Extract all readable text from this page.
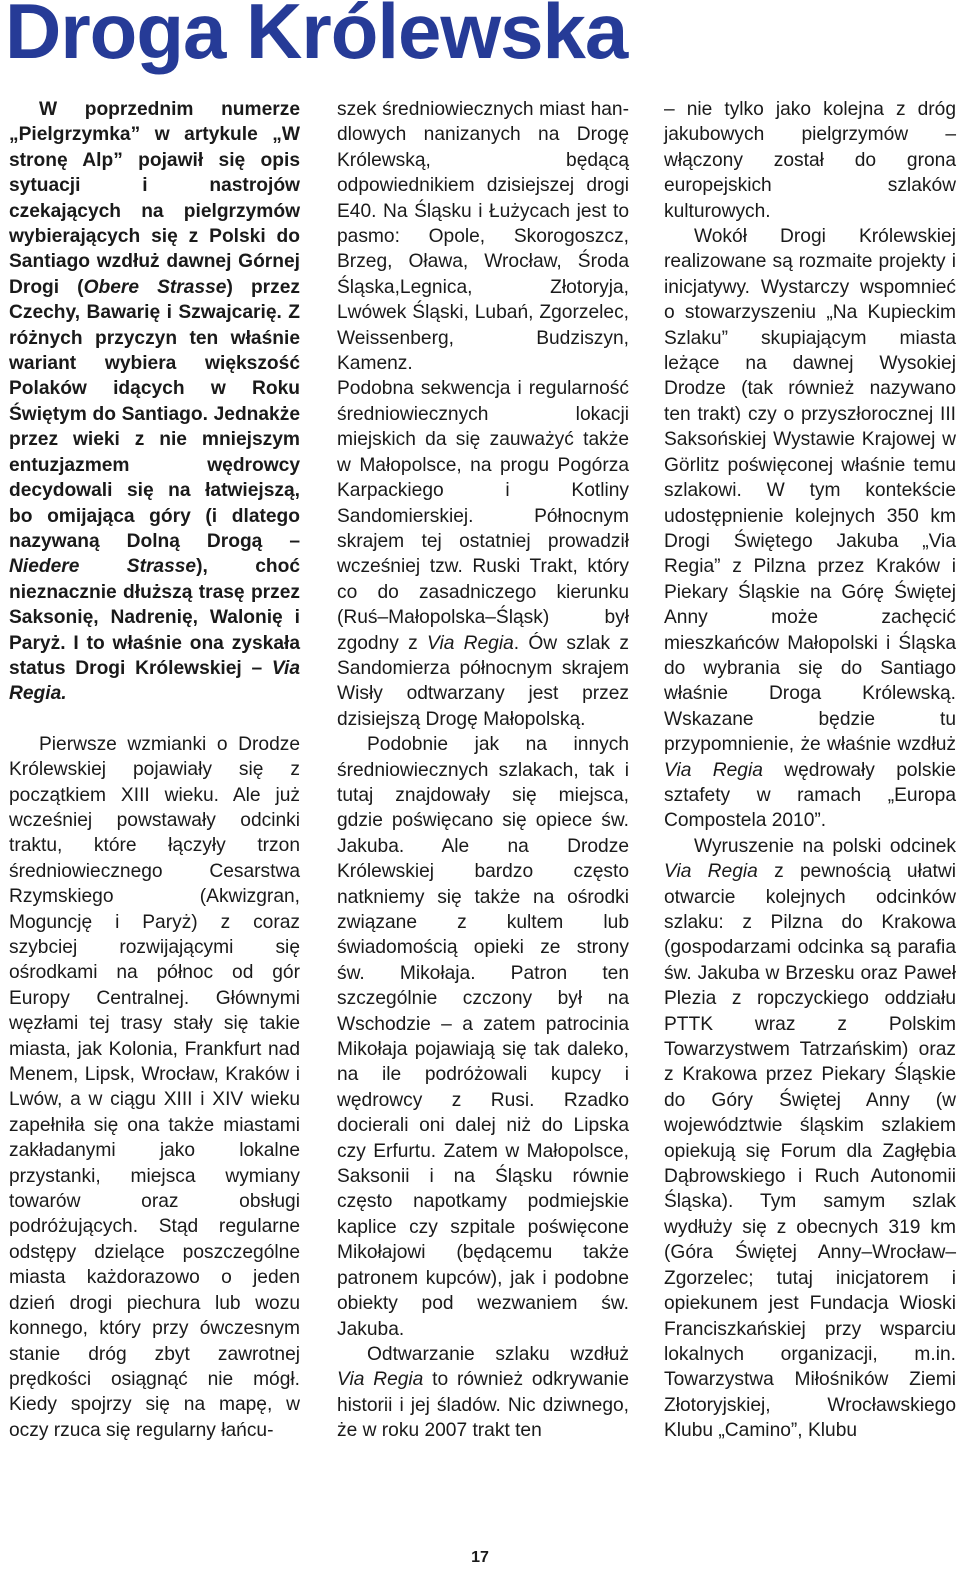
Droga Królewska

W poprzednim numerze „Pielgrzymka” w artykule „W stronę Alp” pojawił się opis sytuacji i nastrojów czekających na pielgrzymów wybierających się z Polski do Santiago wzdłuż dawnej Górnej Drogi (Obere Strasse) przez Czechy, Bawarię i Szwajcarię. Z różnych przyczyn ten właśnie wariant wybiera większość Polaków idących w Roku Świętym do Santiago. Jednakże przez wieki z nie mniejszym entuzjazmem wędrowcy decydowali się na łatwiejszą, bo omijająca góry (i dlatego nazywaną Dolną Drogą – Niedere Strasse), choć nieznacznie dłuższą trasę przez Saksonię, Nadrenię, Walonię i Paryż. I to właśnie ona zyskała status Drogi Królewskiej – Via Regia.

Pierwsze wzmianki o Drodze Królewskiej pojawiały się z początkiem XIII wieku. Ale już wcześniej powstawały odcinki traktu, które łączyły trzon średniowiecznego Cesarstwa Rzymskiego (Akwizgran, Moguncję i Paryż) z coraz szybciej rozwijającymi się ośrodkami na północ od gór Europy Centralnej. Głównymi węzłami tej trasy stały się takie miasta, jak Kolonia, Frankfurt nad Menem, Lipsk, Wrocław, Kraków i Lwów, a w ciągu XIII i XIV wieku zapełniła się ona także miastami zakładanymi jako lokalne przystanki, miejsca wymiany towarów oraz obsługi podróżujących. Stąd regularne odstępy dzielące poszczególne miasta każdorazowo o jeden dzień drogi piechura lub wozu konnego, który przy ówczesnym stanie dróg zbyt zawrotnej prędkości osiągnąć nie mógł. Kiedy spojrzy się na mapę, w oczy rzuca się regularny łańcu-

szek średniowiecznych miast han-dlowych nanizanych na Drogę Królewską, będącą odpowiednikiem dzisiejszej drogi E40. Na Śląsku i Łużycach jest to pasmo: Opole, Skorogoszcz, Brzeg, Oława, Wrocław, Środa Śląska,Legnica, Złotoryja, Lwówek Śląski, Lubań, Zgorzelec, Weissenberg, Budziszyn, Kamenz.

Podobna sekwencja i regularność średniowiecznych lokacji miejskich da się zauważyć także w Małopolsce, na progu Pogórza Karpackiego i Kotliny Sandomierskiej. Północnym skrajem tej ostatniej prowadził wcześniej tzw. Ruski Trakt, który co do zasadniczego kierunku (Ruś–Małopolska–Śląsk) był zgodny z Via Regia. Ów szlak z Sandomierza północnym skrajem Wisły odtwarzany jest przez dzisiejszą Drogę Małopolską.

Podobnie jak na innych średniowiecznych szlakach, tak i tutaj znajdowały się miejsca, gdzie poświęcano się opiece św. Jakuba. Ale na Drodze Królewskiej bardzo często natkniemy się także na ośrodki związane z kultem lub świadomością opieki ze strony św. Mikołaja. Patron ten szczególnie czczony był na Wschodzie – a zatem patrocinia Mikołaja pojawiają się tak daleko, na ile podróżowali kupcy i wędrowcy z Rusi. Rzadko docierali oni dalej niż do Lipska czy Erfurtu. Zatem w Małopolsce, Saksonii i na Śląsku równie często napotkamy podmiejskie kaplice czy szpitale poświęcone Mikołajowi (będącemu także patronem kupców), jak i podobne obiekty pod wezwaniem św. Jakuba.

Odtwarzanie szlaku wzdłuż Via Regia to również odkrywanie historii i jej śladów. Nic dziwnego, że w roku 2007 trakt ten

– nie tylko jako kolejna z dróg jakubowych pielgrzymów – włączony został do grona europejskich szlaków kulturowych.

Wokół Drogi Królewskiej realizowane są rozmaite projekty i inicjatywy. Wystarczy wspomnieć o stowarzyszeniu „Na Kupieckim Szlaku” skupiającym miasta leżące na dawnej Wysokiej Drodze (tak również nazywano ten trakt) czy o przyszłorocznej III Saksońskiej Wystawie Krajowej w Görlitz poświęconej właśnie temu szlakowi. W tym kontekście udostępnienie kolejnych 350 km Drogi Świętego Jakuba „Via Regia” z Pilzna przez Kraków i Piekary Śląskie na Górę Świętej Anny może zachęcić mieszkańców Małopolski i Śląska do wybrania się do Santiago właśnie Droga Królewską. Wskazane będzie tu przypomnienie, że właśnie wzdłuż Via Regia wędrowały polskie sztafety w ramach „Europa Compostela 2010”.

Wyruszenie na polski odcinek Via Regia z pewnością ułatwi otwarcie kolejnych odcinków szlaku: z Pilzna do Krakowa (gospodarzami odcinka są parafia św. Jakuba w Brzesku oraz Paweł Plezia z ropczyckiego oddziału PTTK wraz z Polskim Towarzystwem Tatrzańskim) oraz z Krakowa przez Piekary Śląskie do Góry Świętej Anny (w województwie śląskim szlakiem opiekują się Forum dla Zagłębia Dąbrowskiego i Ruch Autonomii Śląska). Tym samym szlak wydłuży się z obecnych 319 km (Góra Świętej Anny–Wrocław–Zgorzelec; tutaj inicjatorem i opiekunem jest Fundacja Wioski Franciszkańskiej przy wsparciu lokalnych organizacji, m.in. Towarzystwa Miłośników Ziemi Złotoryjskiej, Wrocławskiego Klubu „Camino”, Klubu

17
